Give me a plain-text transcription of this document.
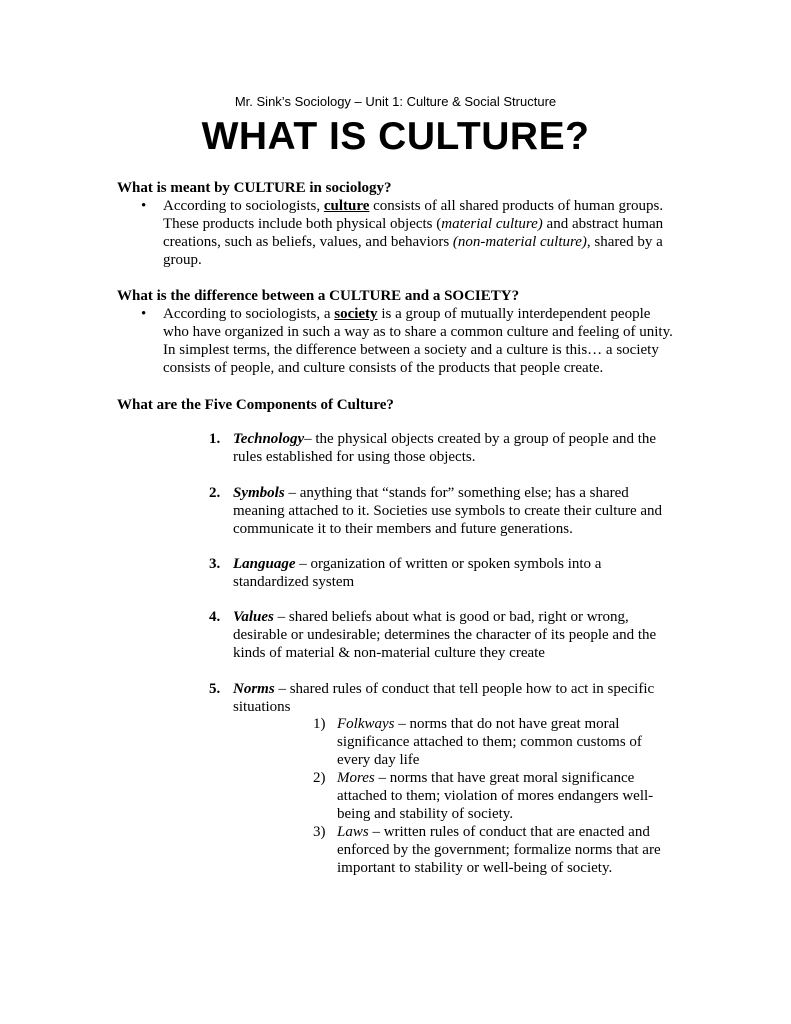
Mr. Sink’s Sociology – Unit 1: Culture & Social Structure
WHAT IS CULTURE?
What is meant by CULTURE in sociology?
• According to sociologists, culture consists of all shared products of human groups. These products include both physical objects (material culture) and abstract human creations, such as beliefs, values, and behaviors (non-material culture), shared by a group.
What is the difference between a CULTURE and a SOCIETY?
• According to sociologists, a society is a group of mutually interdependent people who have organized in such a way as to share a common culture and feeling of unity. In simplest terms, the difference between a society and a culture is this… a society consists of people, and culture consists of the products that people create.
What are the Five Components of Culture?
1. Technology– the physical objects created by a group of people and the rules established for using those objects.
2. Symbols – anything that “stands for” something else; has a shared meaning attached to it. Societies use symbols to create their culture and communicate it to their members and future generations.
3. Language – organization of written or spoken symbols into a standardized system
4. Values – shared beliefs about what is good or bad, right or wrong, desirable or undesirable; determines the character of its people and the kinds of material & non-material culture they create
5. Norms – shared rules of conduct that tell people how to act in specific situations
1) Folkways – norms that do not have great moral significance attached to them; common customs of every day life
2) Mores – norms that have great moral significance attached to them; violation of mores endangers well-being and stability of society.
3) Laws – written rules of conduct that are enacted and enforced by the government; formalize norms that are important to stability or well-being of society.
